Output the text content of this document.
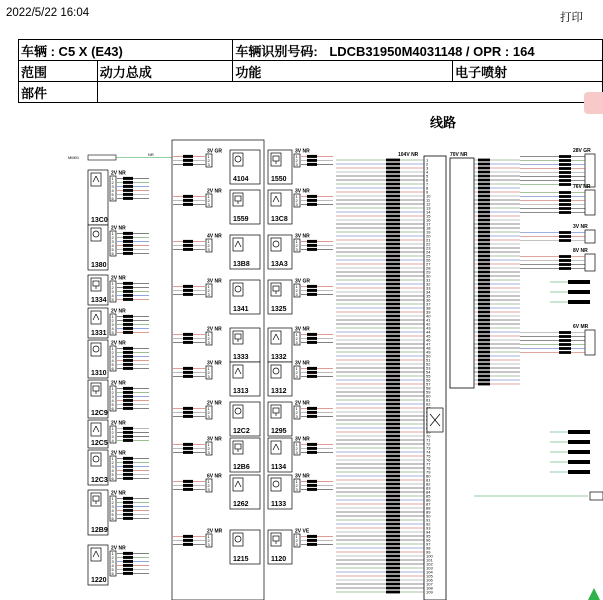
2022/5/22 16:04	打印
车辆 : C5 X (E43)		车辆识别号码: LDCB31950M4031148 / OPR : 164	
范围	动力总成	功能	电子喷射
部件			
线路
MM01
NR
13C0
2V NR
1
2
3
4
5
6
1380
2V NR
1
2
3
4
5
6
1334
2V NR
1
2
3
4
5
1331
2V NR
1
2
3
4
5
1310
2V NR
1
2
3
4
5
6
12C9
2V NR
1
2
3
4
5
6
12C5
2V NR
1
2
3
4
12C3
2V NR
1
2
3
4
5
6
12B9
2V NR
1
2
3
4
5
6
1220
2V NR
1
2
3
4
5
6
3V GR
1
2
3
4104
2V NR
1
2
3
1559
4V NR
1
2
3
13B8
3V NR
1
2
3
1341
2V NR
1
2
3
1333
3V NR
1
2
3
1313
2V NR
1
2
3
12C2
3V NR
1
2
3
12B6
6V NR
1
2
3
1262
2V MR
1
2
3
1215
1550
3V NR
1
2
3
13C8
3V NR
1
2
3
13A3
3V NR
1
2
3
1325
3V GR
1
2
3
1332
3V NR
1
2
3
1312
3V NR
1
2
3
1295
2V NR
1
2
3
1134
3V NR
1
2
3
1133
3V NR
1
2
3
1120
2V VE
1
2
3
104V NR	70V NR
1
2
3
4
5
6
7
8
9
10
11
12
13
14
15
16
17
18
19
20
21
22
23
24
25
26
27
28
29
30
31
32
33
34
35
36
37
38
39
40
41
42
43
44
45
46
47
48
49
50
51
52
53
54
55
56
57
58
59
60
61
62
70
71
72
73
74
75
76
77
78
79
80
81
82
83
84
85
86
87
88
89
90
91
92
93
94
95
96
97
98
99
100
101
102
103
104
105
106
107
108
109
28V GR
76V NR
3V NR
8V NR
6V MR
